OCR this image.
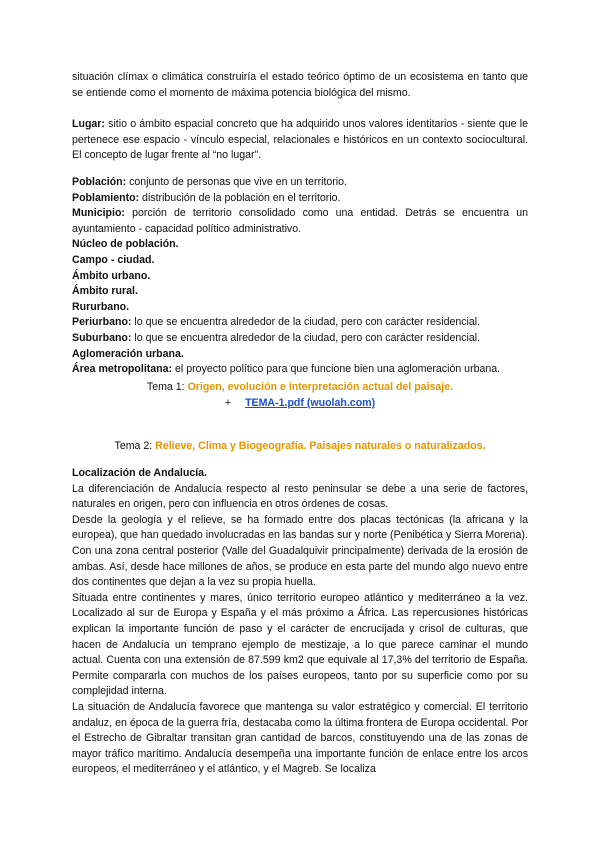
situación clímax o climática construiría el estado teórico óptimo de un ecosistema en tanto que se entiende como el momento de máxima potencia biológica del mismo.

Lugar: sitio o ámbito espacial concreto que ha adquirido unos valores identitarios - siente que le pertenece ese espacio - vínculo especial, relacionales e históricos en un contexto sociocultural. El concepto de lugar frente al “no lugar”.

Población: conjunto de personas que vive en un territorio.

Poblamiento: distribución de la población en el territorio.

Municipio: porción de territorio consolidado como una entidad. Detrás se encuentra un ayuntamiento - capacidad político administrativo.

Núcleo de población.

Campo - ciudad.

Ámbito urbano.

Ámbito rural.

Rururbano.

Periurbano: lo que se encuentra alrededor de la ciudad, pero con carácter residencial.

Suburbano: lo que se encuentra alrededor de la ciudad, pero con carácter residencial.

Aglomeración urbana.

Área metropolitana: el proyecto político para que funcione bien una aglomeración urbana.

Tema 1: Origen, evolución e interpretación actual del paisaje.
+ TEMA-1.pdf (wuolah.com)
Tema 2: Relieve, Clima y Biogeografía. Paisajes naturales o naturalizados.

Localización de Andalucía.

La diferenciación de Andalucía respecto al resto peninsular se debe a una serie de factores, naturales en origen, pero con influencia en otros órdenes de cosas.

Desde la geología y el relieve, se ha formado entre dos placas tectónicas (la africana y la europea), que han quedado involucradas en las bandas sur y norte (Penibética y Sierra Morena).

Con una zona central posterior (Valle del Guadalquivir principalmente) derivada de la erosión de ambas. Así, desde hace millones de años, se produce en esta parte del mundo algo nuevo entre dos continentes que dejan a la vez su propia huella.

Situada entre continentes y mares, único territorio europeo atlántico y mediterráneo a la vez. Localizado al sur de Europa y España y el más próximo a África. Las repercusiones históricas explican la importante función de paso y el carácter de encrucijada y crisol de culturas, que hacen de Andalucía un temprano ejemplo de mestizaje, a lo que parece caminar el mundo actual. Cuenta con una extensión de 87.599 km2 que equivale al 17,3% del territorio de España. Permite compararla con muchos de los países europeos, tanto por su superficie como por su complejidad interna.

La situación de Andalucía favorece que mantenga su valor estratégico y comercial. El territorio andaluz, en época de la guerra fría, destacaba como la última frontera de Europa occidental. Por el Estrecho de Gibraltar transitan gran cantidad de barcos, constituyendo una de las zonas de mayor tráfico marítimo. Andalucía desempeña una importante función de enlace entre los arcos europeos, el mediterráneo y el atlántico, y el Magreb. Se localiza
